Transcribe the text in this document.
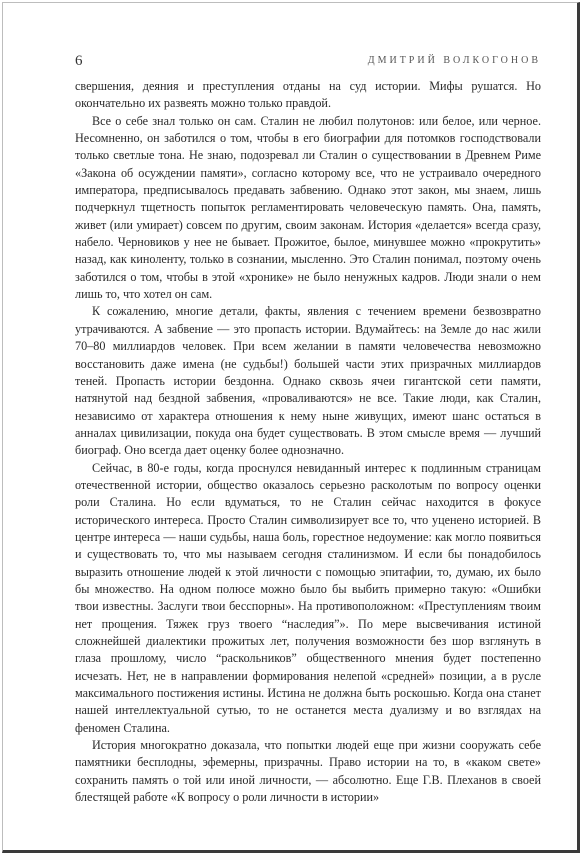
6	ДМИТРИЙ ВОЛКОГОНОВ

свершения, деяния и преступления отданы на суд истории. Мифы рушатся. Но окончательно их развеять можно только правдой.

Все о себе знал только он сам. Сталин не любил полутонов: или белое, или черное. Несомненно, он заботился о том, чтобы в его биографии для потомков господствовали только светлые тона. Не знаю, подозревал ли Сталин о существовании в Древнем Риме «Закона об осуждении памяти», согласно которому все, что не устраивало очередного императора, предписывалось предавать забвению. Однако этот закон, мы знаем, лишь подчеркнул тщетность попыток регламентировать человеческую память. Она, память, живет (или умирает) совсем по другим, своим законам. История «делается» всегда сразу, набело. Черновиков у нее не бывает. Прожитое, былое, минувшее можно «прокрутить» назад, как киноленту, только в сознании, мысленно. Это Сталин понимал, поэтому очень заботился о том, чтобы в этой «хронике» не было ненужных кадров. Люди знали о нем лишь то, что хотел он сам.

К сожалению, многие детали, факты, явления с течением времени безвозвратно утрачиваются. А забвение — это пропасть истории. Вдумайтесь: на Земле до нас жили 70–80 миллиардов человек. При всем желании в памяти человечества невозможно восстановить даже имена (не судьбы!) большей части этих призрачных миллиардов теней. Пропасть истории бездонна. Однако сквозь ячеи гигантской сети памяти, натянутой над бездной забвения, «проваливаются» не все. Такие люди, как Сталин, независимо от характера отношения к нему ныне живущих, имеют шанс остаться в анналах цивилизации, покуда она будет существовать. В этом смысле время — лучший биограф. Оно всегда дает оценку более однозначно.

Сейчас, в 80-е годы, когда проснулся невиданный интерес к подлинным страницам отечественной истории, общество оказалось серьезно расколотым по вопросу оценки роли Сталина. Но если вдуматься, то не Сталин сейчас находится в фокусе исторического интереса. Просто Сталин символизирует все то, что уценено историей. В центре интереса — наши судьбы, наша боль, горестное недоумение: как могло появиться и существовать то, что мы называем сегодня сталинизмом. И если бы понадобилось выразить отношение людей к этой личности с помощью эпитафии, то, думаю, их было бы множество. На одном полюсе можно было бы выбить примерно такую: «Ошибки твои известны. Заслуги твои бесспорны». На противоположном: «Преступлениям твоим нет прощения. Тяжек груз твоего “наследия”». По мере высвечивания истиной сложнейшей диалектики прожитых лет, получения возможности без шор взглянуть в глаза прошлому, число “раскольников” общественного мнения будет постепенно исчезать. Нет, не в направлении формирования нелепой «средней» позиции, а в русле максимального постижения истины. Истина не должна быть роскошью. Когда она станет нашей интеллектуальной сутью, то не останется места дуализму и во взглядах на феномен Сталина.

История многократно доказала, что попытки людей еще при жизни сооружать себе памятники бесплодны, эфемерны, призрачны. Право истории на то, в «каком свете» сохранить память о той или иной личности, — абсолютно. Еще Г.В. Плеханов в своей блестящей работе «К вопросу о роли личности в истории»
